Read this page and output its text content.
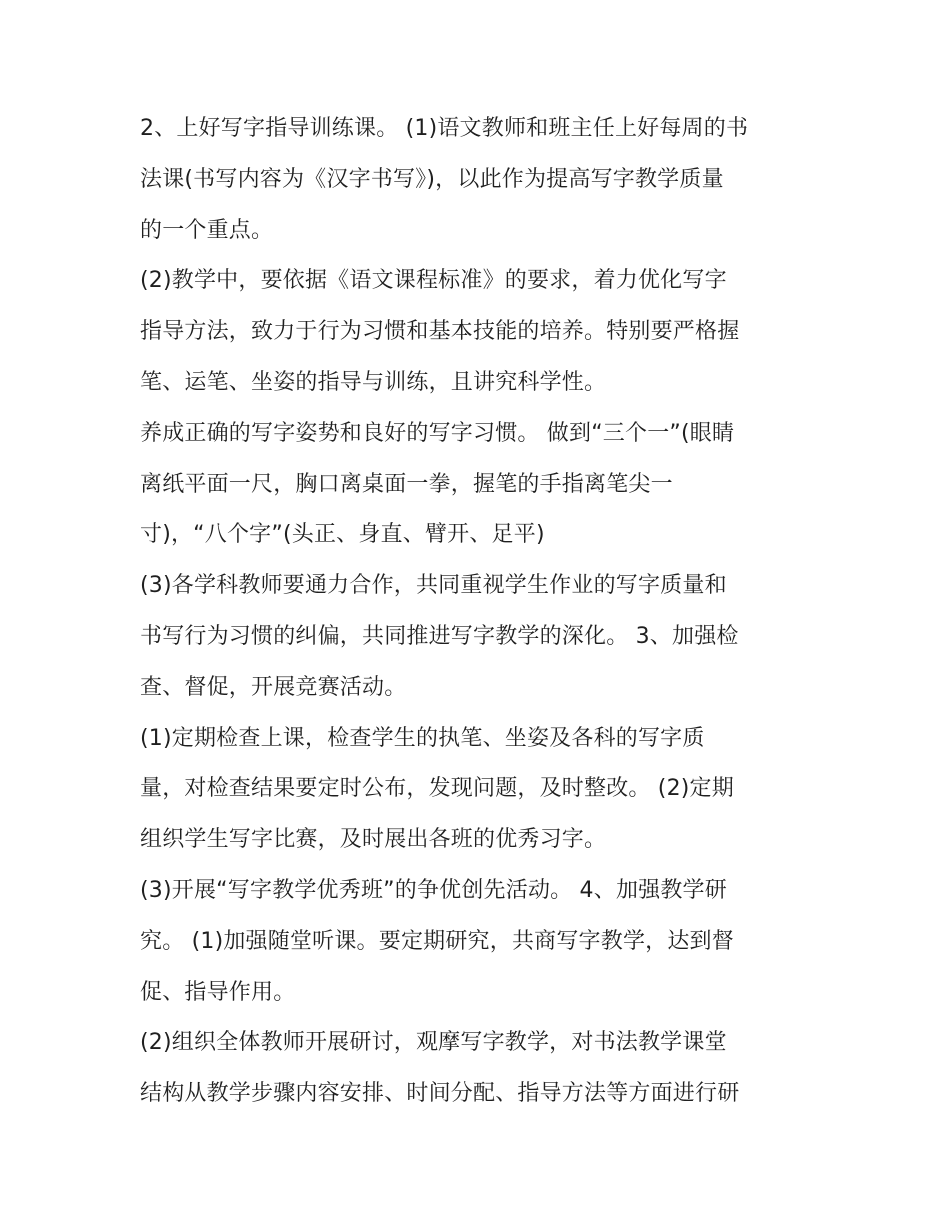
2、上好写字指导训练课。 (1)语文教师和班主任上好每周的书
法课(书写内容为《汉字书写》)，以此作为提高写字教学质量
的一个重点。
(2)教学中，要依据《语文课程标准》的要求，着力优化写字
指导方法，致力于行为习惯和基本技能的培养。特别要严格握
笔、运笔、坐姿的指导与训练，且讲究科学性。
养成正确的写字姿势和良好的写字习惯。 做到“三个一”(眼睛
离纸平面一尺，胸口离桌面一拳，握笔的手指离笔尖一
寸)，“八个字”(头正、身直、臂开、足平)
(3)各学科教师要通力合作，共同重视学生作业的写字质量和
书写行为习惯的纠偏，共同推进写字教学的深化。 3、加强检
查、督促，开展竞赛活动。
(1)定期检查上课，检查学生的执笔、坐姿及各科的写字质
量，对检查结果要定时公布，发现问题，及时整改。 (2)定期
组织学生写字比赛，及时展出各班的优秀习字。
(3)开展“写字教学优秀班”的争优创先活动。 4、加强教学研
究。 (1)加强随堂听课。要定期研究，共商写字教学，达到督
促、指导作用。
(2)组织全体教师开展研讨，观摩写字教学，对书法教学课堂
结构从教学步骤内容安排、时间分配、指导方法等方面进行研
